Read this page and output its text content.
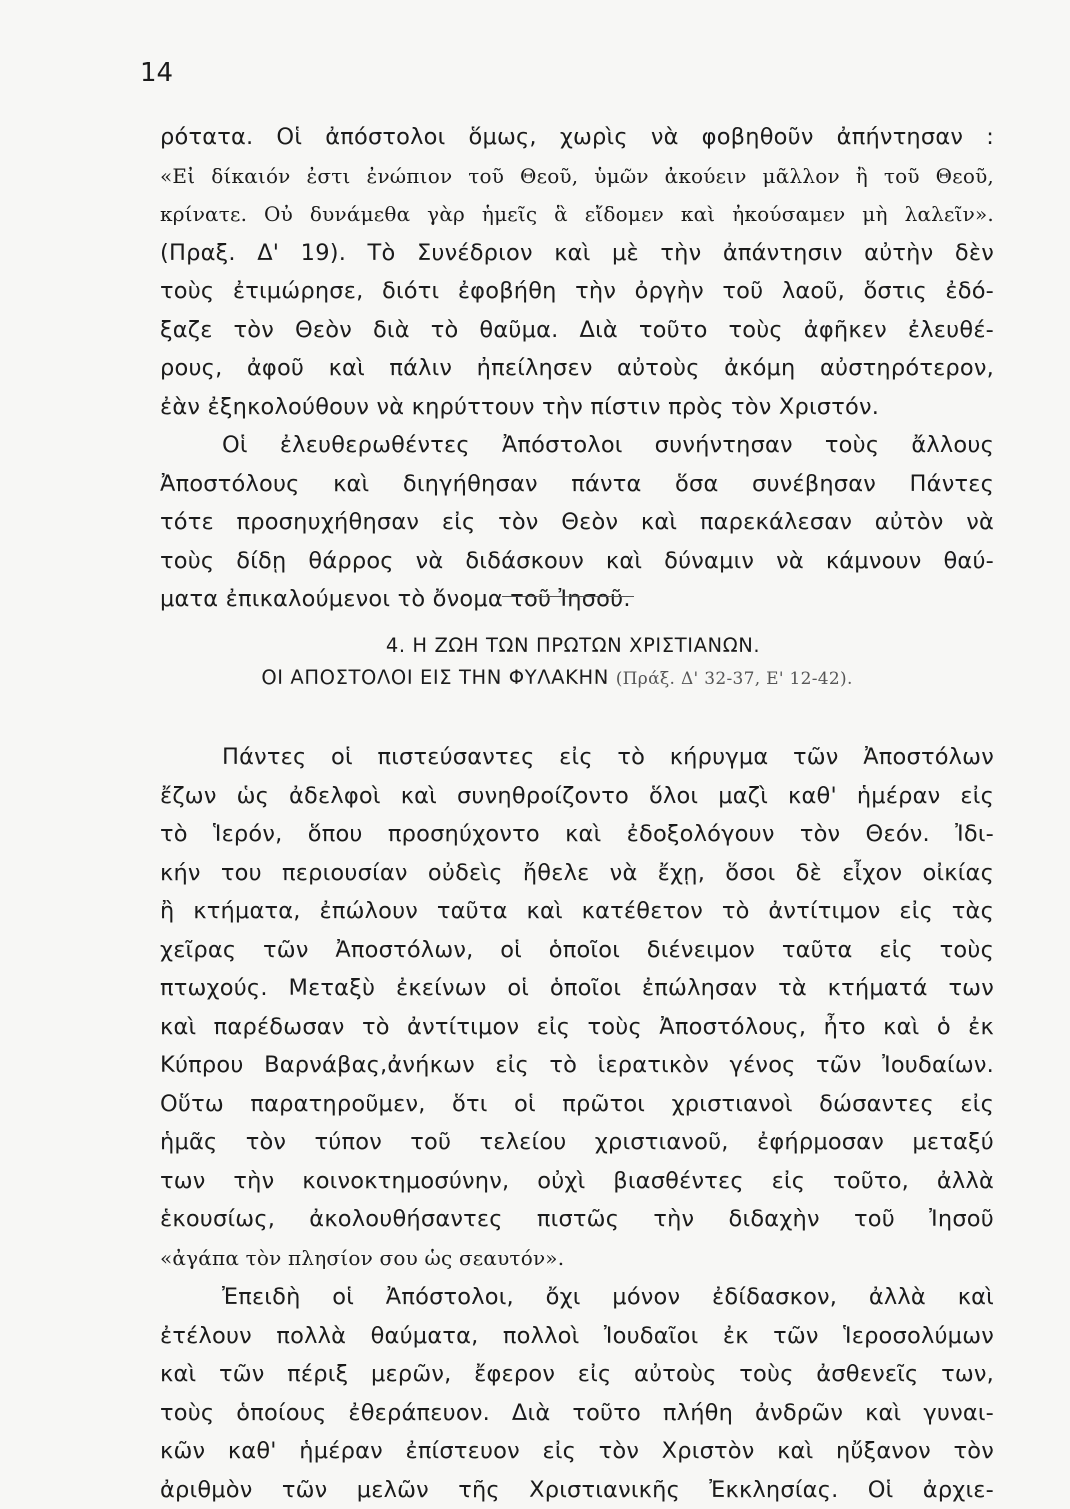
14
ρότατα. Οἱ ἀπόστολοι ὅμως, χωρὶς νὰ φοβηθοῦν ἀπήντησαν :
«Εἰ δίκαιόν ἐστι ἐνώπιον τοῦ Θεοῦ, ὑμῶν ἀκούειν μᾶλλον ἢ τοῦ Θεοῦ,
κρίνατε. Οὐ δυνάμεθα γὰρ ἡμεῖς ἃ εἴδομεν καὶ ἠκούσαμεν μὴ λαλεῖν».
(Πραξ. Δ' 19). Τὸ Συνέδριον καὶ μὲ τὴν ἀπάντησιν αὐτὴν δὲν
τοὺς ἐτιμώρησε, διότι ἐφοβήθη τὴν ὀργὴν τοῦ λαοῦ, ὅστις ἐδό-
ξαζε τὸν Θεὸν διὰ τὸ θαῦμα. Διὰ τοῦτο τοὺς ἀφῆκεν ἐλευθέ-
ρους, ἀφοῦ καὶ πάλιν ἠπείλησεν αὐτοὺς ἀκόμη αὐστηρότερον,
ἐὰν ἐξηκολούθουν νὰ κηρύττουν τὴν πίστιν πρὸς τὸν Χριστόν.
Οἱ ἐλευθερωθέντες Ἀπόστολοι συνήντησαν τοὺς ἄλλους
Ἀποστόλους καὶ διηγήθησαν πάντα ὅσα συνέβησαν Πάντες
τότε προσηυχήθησαν εἰς τὸν Θεὸν καὶ παρεκάλεσαν αὐτὸν νὰ
τοὺς δίδῃ θάρρος νὰ διδάσκουν καὶ δύναμιν νὰ κάμνουν θαύ-
ματα ἐπικαλούμενοι τὸ ὄνομα τοῦ Ἰησοῦ.
4. Η ΖΩΗ ΤΩΝ ΠΡΩΤΩΝ ΧΡΙΣΤΙΑΝΩΝ.
ΟΙ ΑΠΟΣΤΟΛΟΙ ΕΙΣ ΤΗΝ ΦΥΛΑΚΗΝ (Πράξ. Δ' 32-37, Ε' 12-42).
Πάντες οἱ πιστεύσαντες εἰς τὸ κήρυγμα τῶν Ἀποστόλων
ἔζων ὡς ἀδελφοὶ καὶ συνηθροίζοντο ὅλοι μαζὶ καθ' ἡμέραν εἰς
τὸ Ἱερόν, ὅπου προσηύχοντο καὶ ἐδοξολόγουν τὸν Θεόν. Ἰδι-
κήν του περιουσίαν οὐδεὶς ἤθελε νὰ ἔχῃ, ὅσοι δὲ εἶχον οἰκίας
ἢ κτήματα, ἐπώλουν ταῦτα καὶ κατέθετον τὸ ἀντίτιμον εἰς τὰς
χεῖρας τῶν Ἀποστόλων, οἱ ὁποῖοι διένειμον ταῦτα εἰς τοὺς
πτωχούς. Μεταξὺ ἐκείνων οἱ ὁποῖοι ἐπώλησαν τὰ κτήματά των
καὶ παρέδωσαν τὸ ἀντίτιμον εἰς τοὺς Ἀποστόλους, ἦτο καὶ ὁ ἐκ
Κύπρου Βαρνάβας,ἀνήκων εἰς τὸ ἱερατικὸν γένος τῶν Ἰουδαίων.
Οὕτω παρατηροῦμεν, ὅτι οἱ πρῶτοι χριστιανοὶ δώσαντες εἰς
ἡμᾶς τὸν τύπον τοῦ τελείου χριστιανοῦ, ἐφήρμοσαν μεταξύ
των τὴν κοινοκτημοσύνην, οὐχὶ βιασθέντες εἰς τοῦτο, ἀλλὰ
ἑκουσίως, ἀκολουθήσαντες πιστῶς τὴν διδαχὴν τοῦ Ἰησοῦ
«ἀγάπα τὸν πλησίον σου ὡς σεαυτόν».
Ἐπειδὴ οἱ Ἀπόστολοι, ὄχι μόνον ἐδίδασκον, ἀλλὰ καὶ
ἐτέλουν πολλὰ θαύματα, πολλοὶ Ἰουδαῖοι ἐκ τῶν Ἱεροσολύμων
καὶ τῶν πέριξ μερῶν, ἔφερον εἰς αὐτοὺς τοὺς ἀσθενεῖς των,
τοὺς ὁποίους ἐθεράπευον. Διὰ τοῦτο πλήθη ἀνδρῶν καὶ γυναι-
κῶν καθ' ἡμέραν ἐπίστευον εἰς τὸν Χριστὸν καὶ ηὔξανον τὸν
ἀριθμὸν τῶν μελῶν τῆς Χριστιανικῆς Ἐκκλησίας. Οἱ ἀρχιε-
